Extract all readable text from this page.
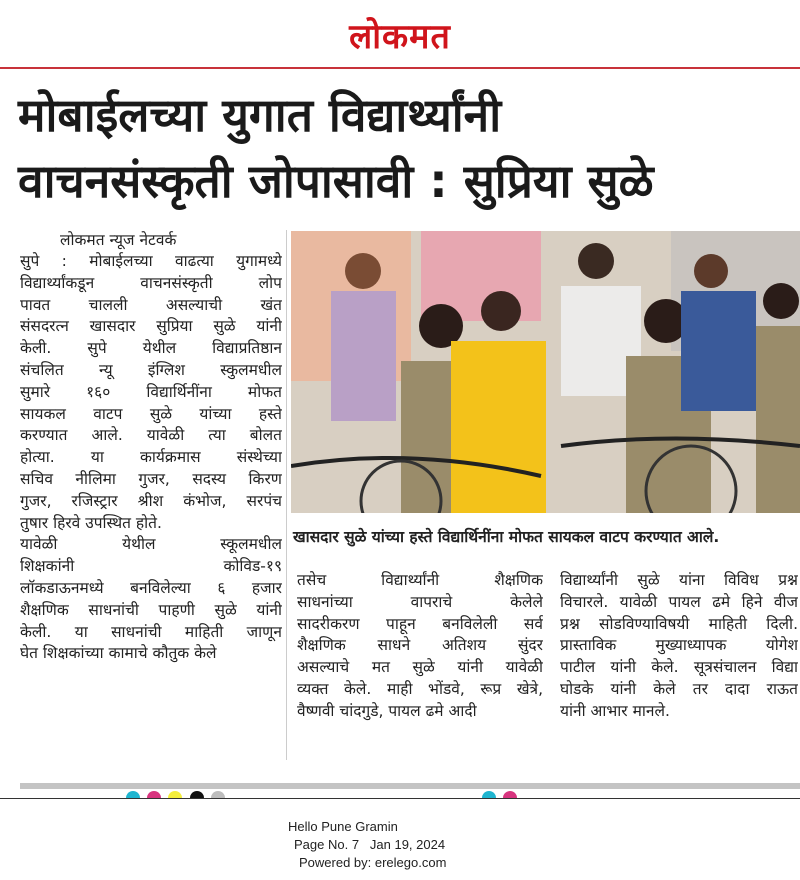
लोकमत
मोबाईलच्या युगात विद्यार्थ्यांनी
वाचनसंस्कृती जोपासावी : सुप्रिया सुळे
लोकमत न्यूज नेटवर्क
सुपे : मोबाईलच्या वाढत्या युगामध्ये
विद्यार्थ्यांकडून वाचनसंस्कृती लोप
पावत चालली असल्याची खंत
संसदरत्न खासदार सुप्रिया सुळे यांनी
केली. सुपे येथील विद्याप्रतिष्ठान
संचलित न्यू इंग्लिश स्कुलमधील
सुमारे १६० विद्यार्थिनींना मोफत
सायकल वाटप सुळे यांच्या हस्ते
करण्यात आले. यावेळी त्या बोलत
होत्या. या कार्यक्रमास संस्थेच्या
सचिव नीलिमा गुजर, सदस्य किरण
गुजर, रजिस्ट्रार श्रीश कंभोज, सरपंच
तुषार हिरवे उपस्थित होते.
यावेळी येथील स्कूलमधील
शिक्षकांनी कोविड-१९
लॉकडाऊनमध्ये बनविलेल्या ६ हजार
शैक्षणिक साधनांची पाहणी सुळे यांनी
केली. या साधनांची माहिती जाणून
घेत शिक्षकांच्या कामाचे कौतुक केले
खासदार सुळे यांच्या हस्ते विद्यार्थिनींना मोफत सायकल वाटप करण्यात आले.
तसेच विद्यार्थ्यांनी शैक्षणिक
साधनांच्या वापराचे केलेले
सादरीकरण पाहून बनविलेली सर्व
शैक्षणिक साधने अतिशय सुंदर
असल्याचे मत सुळे यांनी यावेळी
व्यक्त केले. माही भोंडवे, रूप्र खेत्रे,
वैष्णवी चांदगुडे, पायल ढमे आदी
विद्यार्थ्यांनी सुळे यांना विविध प्रश्न
विचारले. यावेळी पायल ढमे हिने वीज
प्रश्न सोडविण्याविषयी माहिती दिली.
प्रास्ताविक मुख्याध्यापक योगेश
पाटील यांनी केले. सूत्रसंचालन विद्या
घोडके यांनी केले तर दादा राऊत
यांनी आभार मानले.
Hello Pune Gramin
Page No. 7 Jan 19, 2024
Powered by: erelego.com
